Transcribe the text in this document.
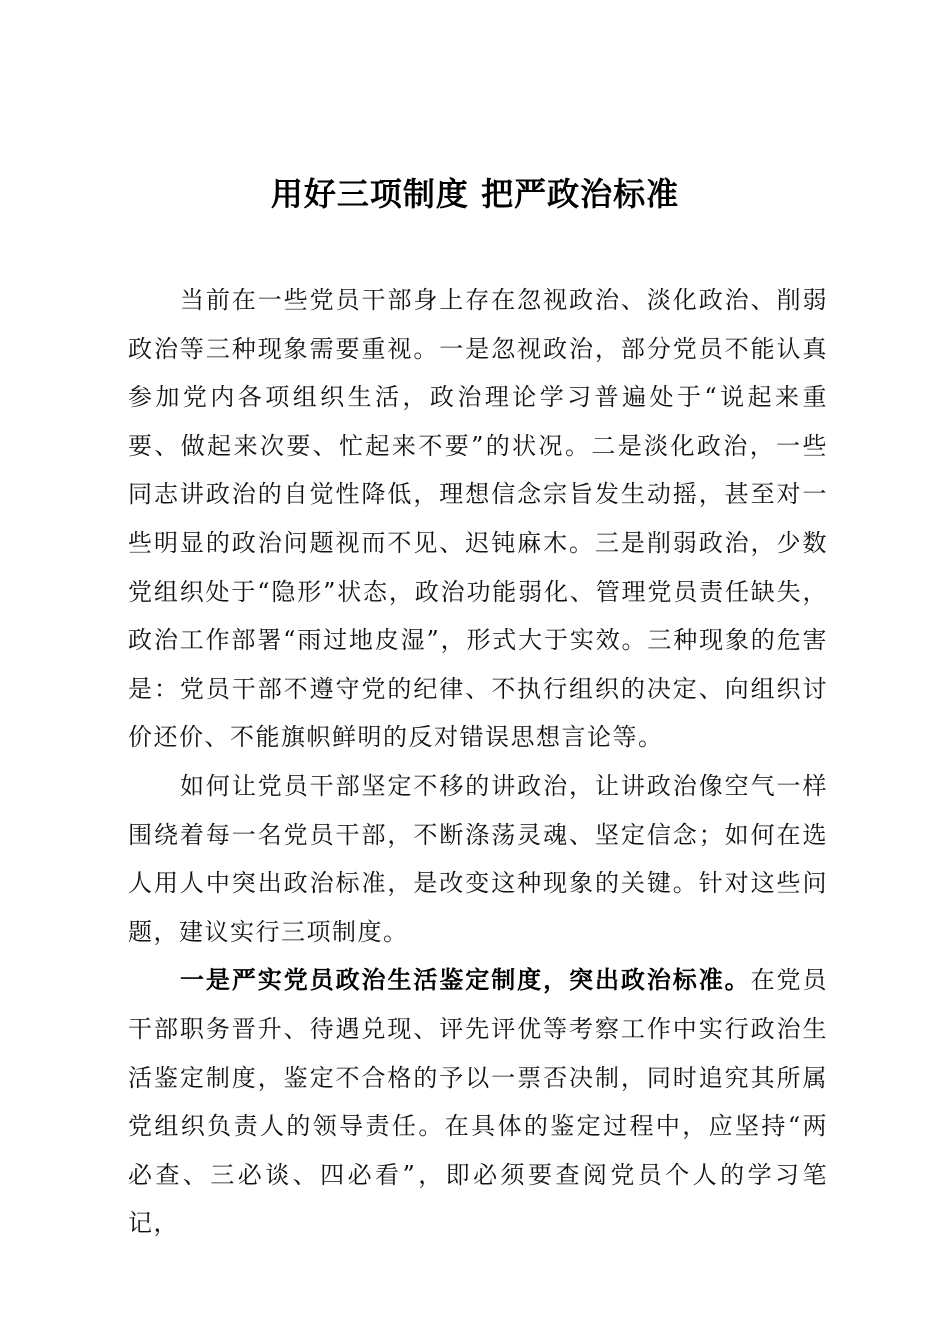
用好三项制度 把严政治标准

当前在一些党员干部身上存在忽视政治、淡化政治、削弱政治等三种现象需要重视。一是忽视政治，部分党员不能认真参加党内各项组织生活，政治理论学习普遍处于“说起来重要、做起来次要、忙起来不要”的状况。二是淡化政治，一些同志讲政治的自觉性降低，理想信念宗旨发生动摇，甚至对一些明显的政治问题视而不见、迟钝麻木。三是削弱政治，少数党组织处于“隐形”状态，政治功能弱化、管理党员责任缺失，政治工作部署“雨过地皮湿”，形式大于实效。三种现象的危害是：党员干部不遵守党的纪律、不执行组织的决定、向组织讨价还价、不能旗帜鲜明的反对错误思想言论等。

如何让党员干部坚定不移的讲政治，让讲政治像空气一样围绕着每一名党员干部，不断涤荡灵魂、坚定信念；如何在选人用人中突出政治标准，是改变这种现象的关键。针对这些问题，建议实行三项制度。

一是严实党员政治生活鉴定制度，突出政治标准。在党员干部职务晋升、待遇兑现、评先评优等考察工作中实行政治生活鉴定制度，鉴定不合格的予以一票否决制，同时追究其所属党组织负责人的领导责任。在具体的鉴定过程中，应坚持“两必查、三必谈、四必看”，即必须要查阅党员个人的学习笔记，
